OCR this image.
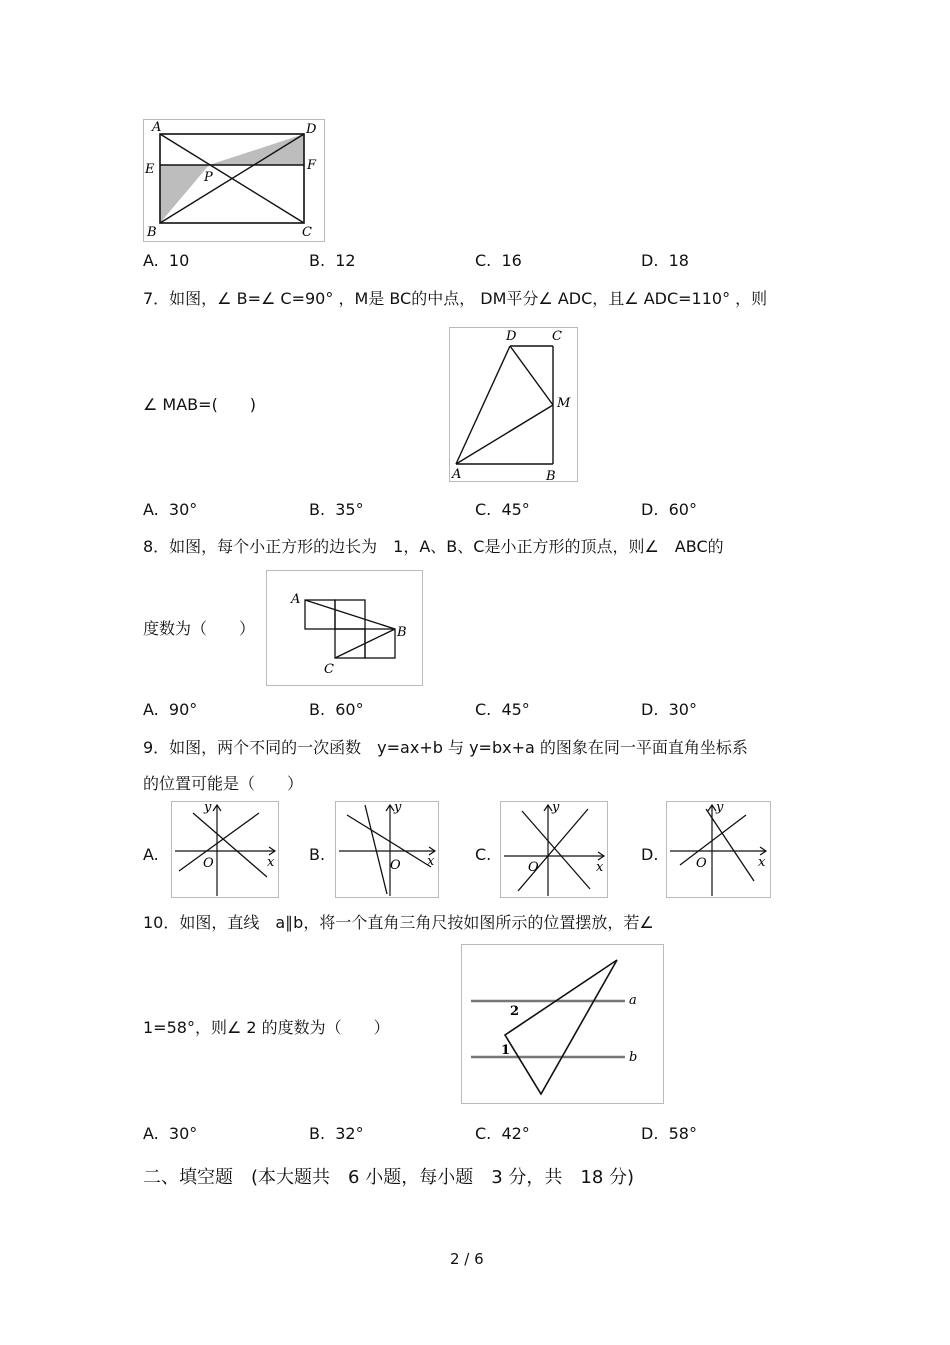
A	D
E	F
P
B	C
A. 10	B. 12	C. 16	D. 18
7．如图，∠ B=∠ C=90° ，M是 BC的中点， DM平分∠ ADC，且∠ ADC=110° ，则
D	C
M
A	B
∠ MAB=(　　)
A. 30°	B. 35°	C. 45°	D. 60°
8．如图，每个小正方形的边长为　1，A、B、C是小正方形的顶点，则∠　ABC的
A
B
C
度数为（　　）
A. 90°	B. 60°	C. 45°	D. 30°
9．如图，两个不同的一次函数　y=ax+b 与 y=bx+a 的图象在同一平面直角坐标系
的位置可能是（　　）
A.	x
y
O	B.	x
y
O
C.
x
y
O
D.	x
y
O
10．如图，直线　a∥b，将一个直角三角尺按如图所示的位置摆放，若∠
a
b
2
1
1=58°，则∠ 2 的度数为（　　）
A. 30°	B. 32°	C. 42°	D. 58°
二、填空题　(本大题共　6 小题，每小题　3 分，共　18 分)
2 / 6
